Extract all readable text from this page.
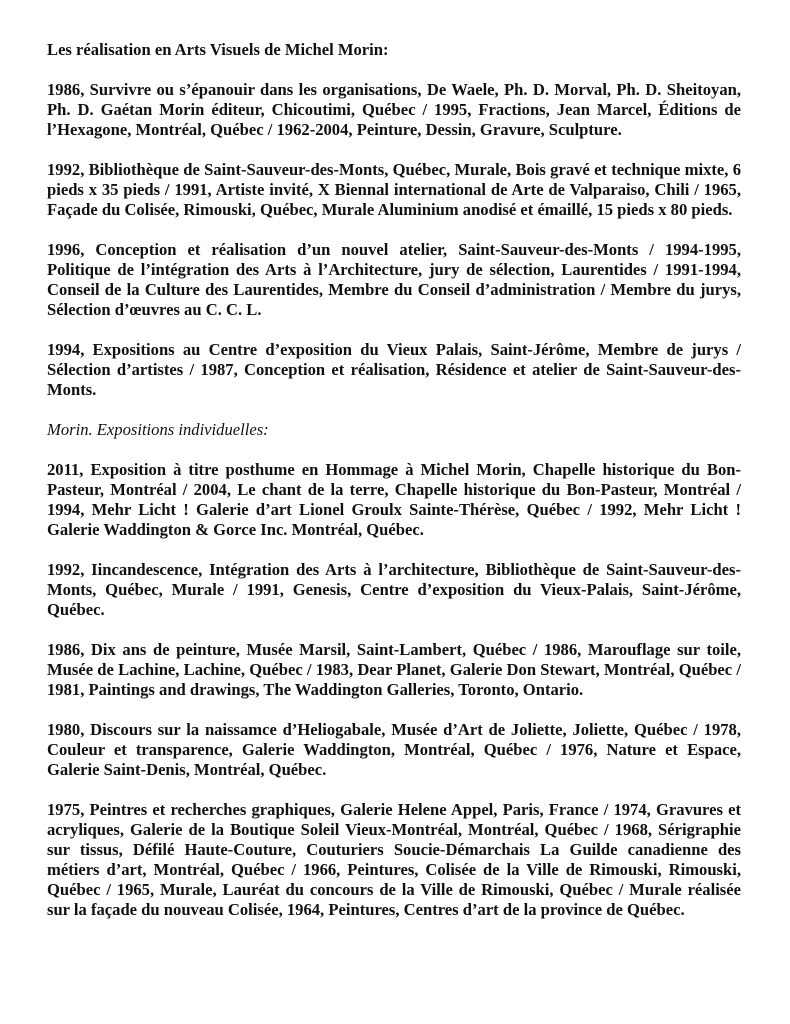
Les réalisation en Arts Visuels de Michel Morin:

1986, Survivre ou s’épanouir dans les organisations, De Waele, Ph. D. Morval, Ph. D. Sheitoyan, Ph. D. Gaétan Morin éditeur, Chicoutimi, Québec / 1995, Fractions, Jean Marcel, Éditions de l’Hexagone, Montréal, Québec / 1962-2004, Peinture, Dessin, Gravure, Sculpture.

1992, Bibliothèque de Saint-Sauveur-des-Monts, Québec, Murale, Bois gravé et technique mixte, 6 pieds x 35 pieds / 1991, Artiste invité, X Biennal international de Arte de Valparaiso, Chili / 1965, Façade du Colisée, Rimouski, Québec, Murale Aluminium anodisé et émaillé, 15 pieds x 80 pieds.

1996, Conception et réalisation d’un nouvel atelier, Saint-Sauveur-des-Monts / 1994-1995, Politique de l’intégration des Arts à l’Architecture, jury de sélection, Laurentides / 1991-1994, Conseil de la Culture des Laurentides, Membre du Conseil d’administration / Membre du jurys, Sélection d’œuvres au C. C. L.

1994, Expositions au Centre d’exposition du Vieux Palais, Saint-Jérôme, Membre de jurys / Sélection d’artistes / 1987, Conception et réalisation, Résidence et atelier de Saint-Sauveur-des-Monts.

Morin. Expositions individuelles:

2011, Exposition à titre posthume en Hommage à Michel Morin, Chapelle historique du Bon-Pasteur, Montréal / 2004, Le chant de la terre, Chapelle historique du Bon-Pasteur, Montréal / 1994, Mehr Licht ! Galerie d’art Lionel Groulx Sainte-Thérèse, Québec / 1992, Mehr Licht ! Galerie Waddington & Gorce Inc. Montréal, Québec.

1992, Iincandescence, Intégration des Arts à l’architecture, Bibliothèque de Saint-Sauveur-des-Monts, Québec, Murale / 1991, Genesis, Centre d’exposition du Vieux-Palais, Saint-Jérôme, Québec.

1986, Dix ans de peinture, Musée Marsil, Saint-Lambert, Québec / 1986, Marouflage sur toile, Musée de Lachine, Lachine, Québec / 1983, Dear Planet, Galerie Don Stewart, Montréal, Québec / 1981, Paintings and drawings, The Waddington Galleries, Toronto, Ontario.

1980, Discours sur la naissamce d’Heliogabale, Musée d’Art de Joliette, Joliette, Québec / 1978, Couleur et transparence, Galerie Waddington, Montréal, Québec / 1976, Nature et Espace, Galerie Saint-Denis, Montréal, Québec.

1975, Peintres et recherches graphiques, Galerie Helene Appel, Paris, France / 1974, Gravures et acryliques, Galerie de la Boutique Soleil Vieux-Montréal, Montréal, Québec / 1968, Sérigraphie sur tissus, Défilé Haute-Couture, Couturiers Soucie-Démarchais La Guilde canadienne des métiers d’art, Montréal, Québec / 1966, Peintures, Colisée de la Ville de Rimouski, Rimouski, Québec / 1965, Murale, Lauréat du concours de la Ville de Rimouski, Québec / Murale réalisée sur la façade du nouveau Colisée, 1964, Peintures, Centres d’art de la province de Québec.
